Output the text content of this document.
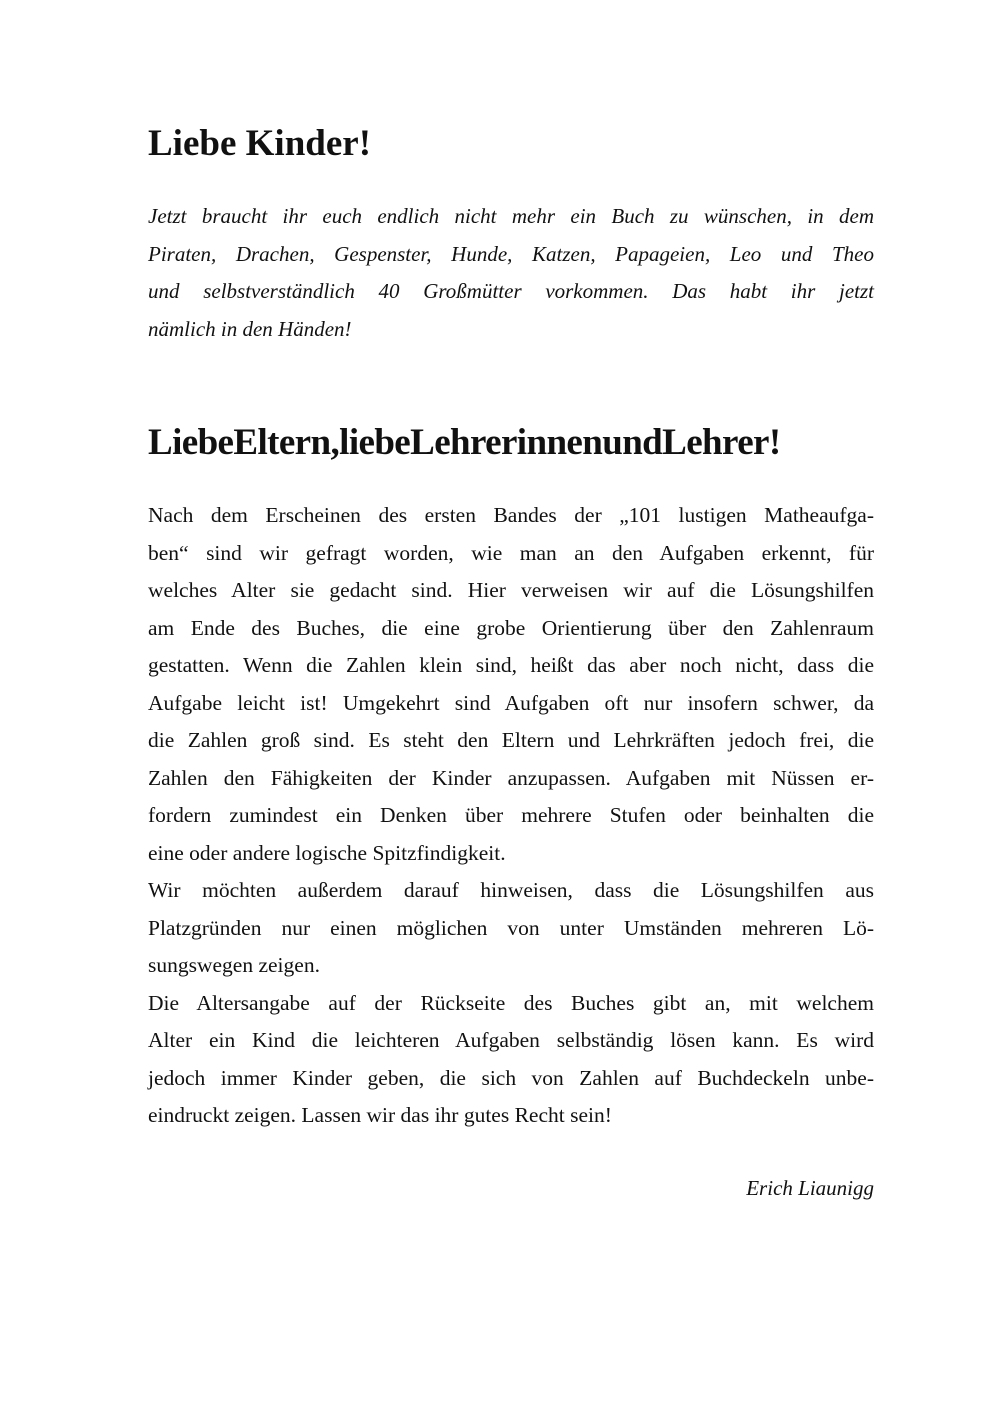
Liebe Kinder!
Jetzt braucht ihr euch endlich nicht mehr ein Buch zu wünschen, in dem
Piraten, Drachen, Gespenster, Hunde, Katzen, Papageien, Leo und Theo
und selbstverständlich 40 Großmütter vorkommen. Das habt ihr jetzt
nämlich in den Händen!
LiebeEltern,liebeLehrerinnenundLehrer!
Nach dem Erscheinen des ersten Bandes der „101 lustigen Matheaufga-
ben“ sind wir gefragt worden, wie man an den Aufgaben erkennt, für
welches Alter sie gedacht sind. Hier verweisen wir auf die Lösungshilfen
am Ende des Buches, die eine grobe Orientierung über den Zahlenraum
gestatten. Wenn die Zahlen klein sind, heißt das aber noch nicht, dass die
Aufgabe leicht ist! Umgekehrt sind Aufgaben oft nur insofern schwer, da
die Zahlen groß sind. Es steht den Eltern und Lehrkräften jedoch frei, die
Zahlen den Fähigkeiten der Kinder anzupassen. Aufgaben mit Nüssen er-
fordern zumindest ein Denken über mehrere Stufen oder beinhalten die
eine oder andere logische Spitzfindigkeit.
Wir möchten außerdem darauf hinweisen, dass die Lösungshilfen aus
Platzgründen nur einen möglichen von unter Umständen mehreren Lö-
sungswegen zeigen.
Die Altersangabe auf der Rückseite des Buches gibt an, mit welchem
Alter ein Kind die leichteren Aufgaben selbständig lösen kann. Es wird
jedoch immer Kinder geben, die sich von Zahlen auf Buchdeckeln unbe-
eindruckt zeigen. Lassen wir das ihr gutes Recht sein!
Erich Liaunigg
